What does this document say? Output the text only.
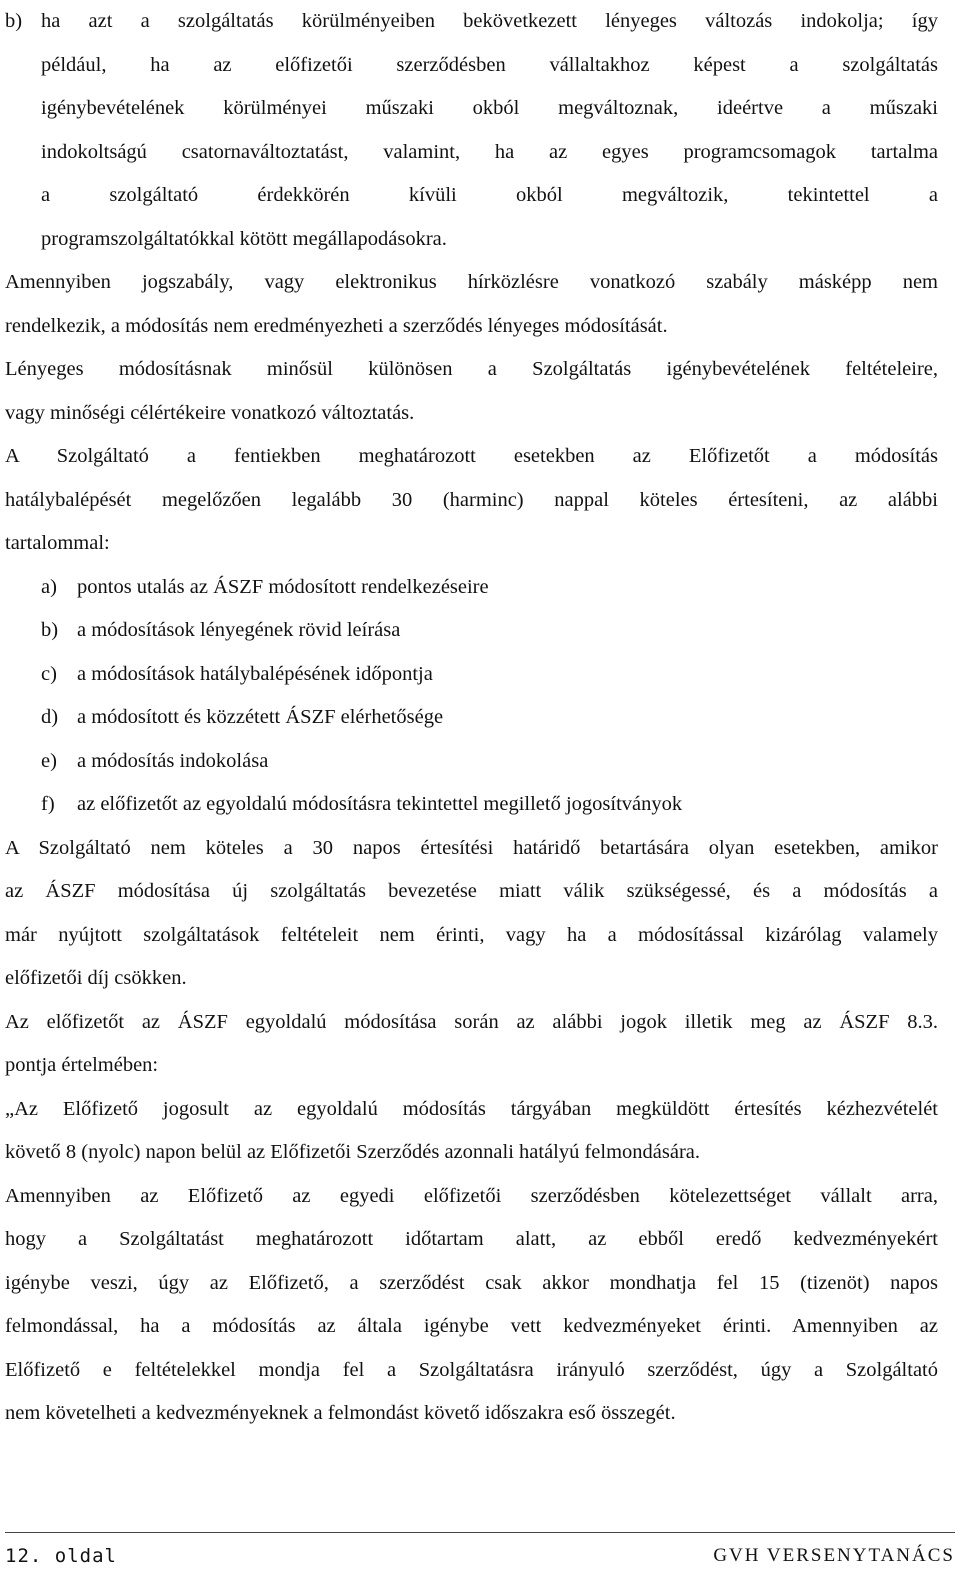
b) ha azt a szolgáltatás körülményeiben bekövetkezett lényeges változás indokolja; így
például, ha az előfizetői szerződésben vállaltakhoz képest a szolgáltatás
igénybevételének körülményei műszaki okból megváltoznak, ideértve a műszaki
indokoltságú csatornaváltoztatást, valamint, ha az egyes programcsomagok tartalma
a szolgáltató érdekkörén kívüli okból megváltozik, tekintettel a
programszolgáltatókkal kötött megállapodásokra.
Amennyiben jogszabály, vagy elektronikus hírközlésre vonatkozó szabály másképp nem
rendelkezik, a módosítás nem eredményezheti a szerződés lényeges módosítását.
Lényeges módosításnak minősül különösen a Szolgáltatás igénybevételének feltételeire,
vagy minőségi célértékeire vonatkozó változtatás.
A Szolgáltató a fentiekben meghatározott esetekben az Előfizetőt a módosítás
hatálybalépését megelőzően legalább 30 (harminc) nappal köteles értesíteni, az alábbi
tartalommal:
a) pontos utalás az ÁSZF módosított rendelkezéseire
b) a módosítások lényegének rövid leírása
c) a módosítások hatálybalépésének időpontja
d) a módosított és közzétett ÁSZF elérhetősége
e) a módosítás indokolása
f)	az előfizetőt az egyoldalú módosításra tekintettel megillető jogosítványok
A Szolgáltató nem köteles a 30 napos értesítési határidő betartására olyan esetekben, amikor
az ÁSZF módosítása új szolgáltatás bevezetése miatt válik szükségessé, és a módosítás a
már nyújtott szolgáltatások feltételeit nem érinti, vagy ha a módosítással kizárólag valamely
előfizetői díj csökken.
Az előfizetőt az ÁSZF egyoldalú módosítása során az alábbi jogok illetik meg az ÁSZF 8.3.
pontja értelmében:
„Az Előfizető jogosult az egyoldalú módosítás tárgyában megküldött értesítés kézhezvételét
követő 8 (nyolc) napon belül az Előfizetői Szerződés azonnali hatályú felmondására.
Amennyiben az Előfizető az egyedi előfizetői szerződésben kötelezettséget vállalt arra,
hogy a Szolgáltatást meghatározott időtartam alatt, az ebből eredő kedvezményekért
igénybe veszi, úgy az Előfizető, a szerződést csak akkor mondhatja fel 15 (tizenöt) napos
felmondással, ha a módosítás az általa igénybe vett kedvezményeket érinti. Amennyiben az
Előfizető e feltételekkel mondja fel a Szolgáltatásra irányuló szerződést, úgy a Szolgáltató
nem követelheti a kedvezményeknek a felmondást követő időszakra eső összegét.
12. oldal	GVH VERSENYTANÁCS
